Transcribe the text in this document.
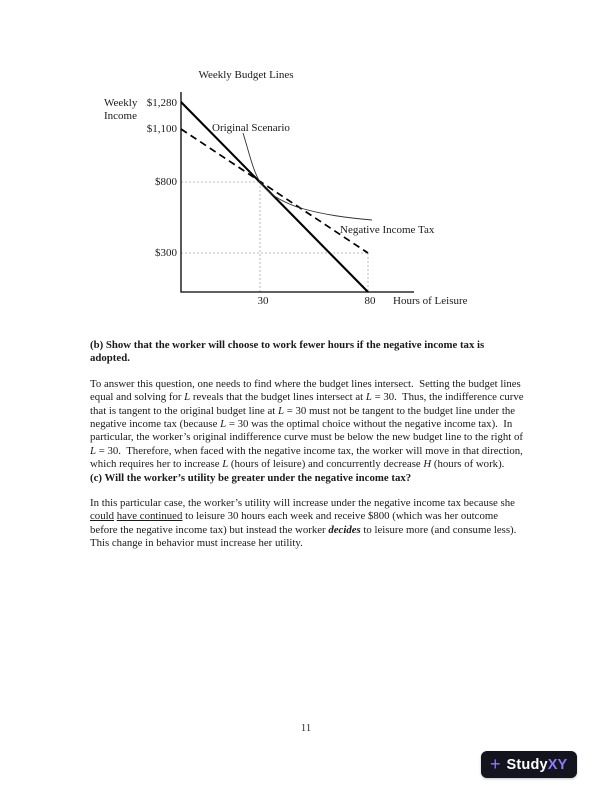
Weekly Budget Lines
Weekly
Income
$1,280
$1,100
$800
$300
30	80	Hours of Leisure
Original Scenario
Negative Income Tax
(b) Show that the worker will choose to work fewer hours if the negative income tax is adopted.

To answer this question, one needs to find where the budget lines intersect.  Setting the budget lines equal and solving for L reveals that the budget lines intersect at L = 30.  Thus, the indifference curve that is tangent to the original budget line at L = 30 must not be tangent to the budget line under the negative income tax (because L = 30 was the optimal choice without the negative income tax).  In particular, the worker’s original indifference curve must be below the new budget line to the right of L = 30.  Therefore, when faced with the negative income tax, the worker will move in that direction, which requires her to increase L (hours of leisure) and concurrently decrease H (hours of work).

(c) Will the worker’s utility be greater under the negative income tax?

In this particular case, the worker’s utility will increase under the negative income tax because she could have continued to leisure 30 hours each week and receive $800 (which was her outcome before the negative income tax) but instead the worker decides to leisure more (and consume less).  This change in behavior must increase her utility.

11
+ Study XY
